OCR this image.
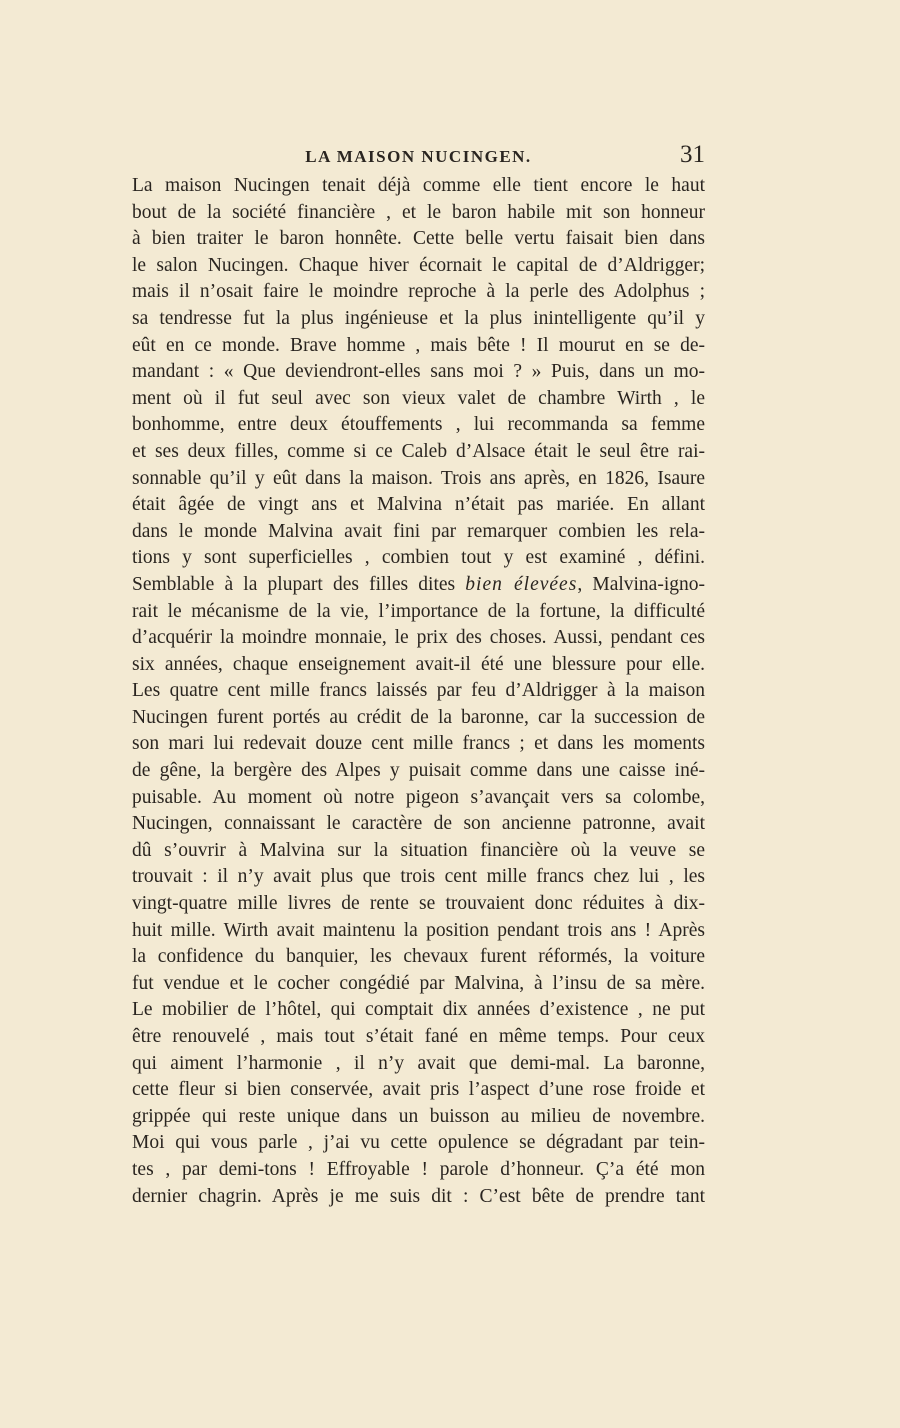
LA MAISON NUCINGEN.	31
La maison Nucingen tenait déjà comme elle tient encore le haut
bout de la société financière , et le baron habile mit son honneur
à bien traiter le baron honnête. Cette belle vertu faisait bien dans
le salon Nucingen. Chaque hiver écornait le capital de d’Aldrigger;
mais il n’osait faire le moindre reproche à la perle des Adolphus ;
sa tendresse fut la plus ingénieuse et la plus inintelligente qu’il y
eût en ce monde. Brave homme , mais bête ! Il mourut en se de-
mandant : « Que deviendront-elles sans moi ? » Puis, dans un mo-
ment où il fut seul avec son vieux valet de chambre Wirth , le
bonhomme, entre deux étouffements , lui recommanda sa femme
et ses deux filles, comme si ce Caleb d’Alsace était le seul être rai-
sonnable qu’il y eût dans la maison. Trois ans après, en 1826, Isaure
était âgée de vingt ans et Malvina n’était pas mariée. En allant
dans le monde Malvina avait fini par remarquer combien les rela-
tions y sont superficielles , combien tout y est examiné , défini.
Semblable à la plupart des filles dites bien élevées, Malvina-igno-
rait le mécanisme de la vie, l’importance de la fortune, la difficulté
d’acquérir la moindre monnaie, le prix des choses. Aussi, pendant ces
six années, chaque enseignement avait-il été une blessure pour elle.
Les quatre cent mille francs laissés par feu d’Aldrigger à la maison
Nucingen furent portés au crédit de la baronne, car la succession de
son mari lui redevait douze cent mille francs ; et dans les moments
de gêne, la bergère des Alpes y puisait comme dans une caisse iné-
puisable. Au moment où notre pigeon s’avançait vers sa colombe,
Nucingen, connaissant le caractère de son ancienne patronne, avait
dû s’ouvrir à Malvina sur la situation financière où la veuve se
trouvait : il n’y avait plus que trois cent mille francs chez lui , les
vingt-quatre mille livres de rente se trouvaient donc réduites à dix-
huit mille. Wirth avait maintenu la position pendant trois ans ! Après
la confidence du banquier, les chevaux furent réformés, la voiture
fut vendue et le cocher congédié par Malvina, à l’insu de sa mère.
Le mobilier de l’hôtel, qui comptait dix années d’existence , ne put
être renouvelé , mais tout s’était fané en même temps. Pour ceux
qui aiment l’harmonie , il n’y avait que demi-mal. La baronne,
cette fleur si bien conservée, avait pris l’aspect d’une rose froide et
grippée qui reste unique dans un buisson au milieu de novembre.
Moi qui vous parle , j’ai vu cette opulence se dégradant par tein-
tes , par demi-tons ! Effroyable ! parole d’honneur. Ç’a été mon
dernier chagrin. Après je me suis dit : C’est bête de prendre tant
